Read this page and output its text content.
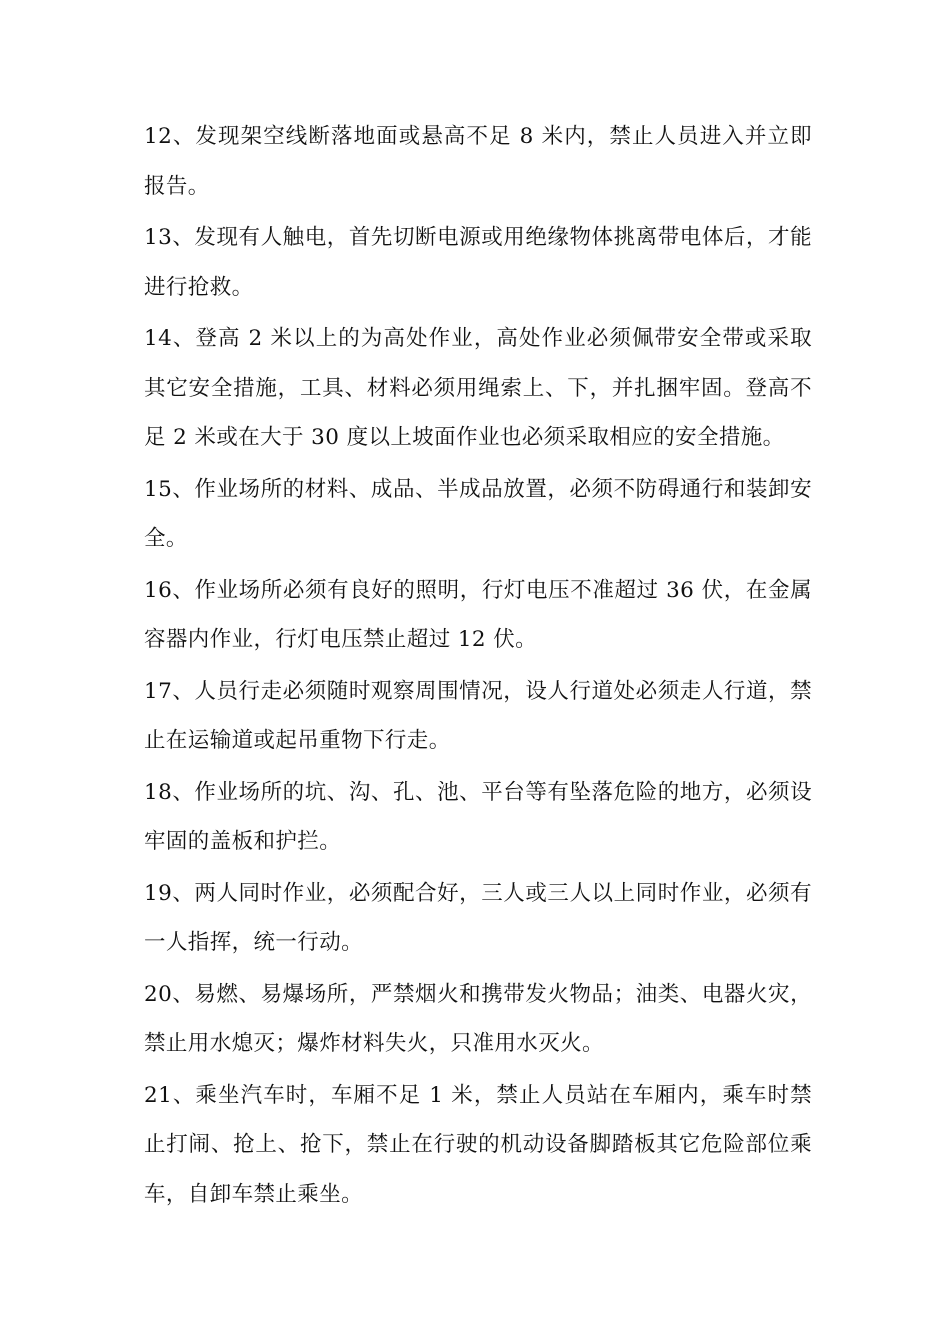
12、发现架空线断落地面或悬高不足 8 米内，禁止人员进入并立即报告。

13、发现有人触电，首先切断电源或用绝缘物体挑离带电体后，才能进行抢救。

14、登高 2 米以上的为高处作业，高处作业必须佩带安全带或采取其它安全措施，工具、材料必须用绳索上、下，并扎捆牢固。登高不足 2 米或在大于 30 度以上坡面作业也必须采取相应的安全措施。

15、作业场所的材料、成品、半成品放置，必须不防碍通行和装卸安全。

16、作业场所必须有良好的照明，行灯电压不准超过 36 伏，在金属容器内作业，行灯电压禁止超过 12 伏。

17、人员行走必须随时观察周围情况，设人行道处必须走人行道，禁止在运输道或起吊重物下行走。

18、作业场所的坑、沟、孔、池、平台等有坠落危险的地方，必须设牢固的盖板和护拦。

19、两人同时作业，必须配合好，三人或三人以上同时作业，必须有一人指挥，统一行动。

20、易燃、易爆场所，严禁烟火和携带发火物品；油类、电器火灾，禁止用水熄灭；爆炸材料失火，只准用水灭火。

21、乘坐汽车时，车厢不足 1 米，禁止人员站在车厢内，乘车时禁止打闹、抢上、抢下，禁止在行驶的机动设备脚踏板其它危险部位乘车，自卸车禁止乘坐。
